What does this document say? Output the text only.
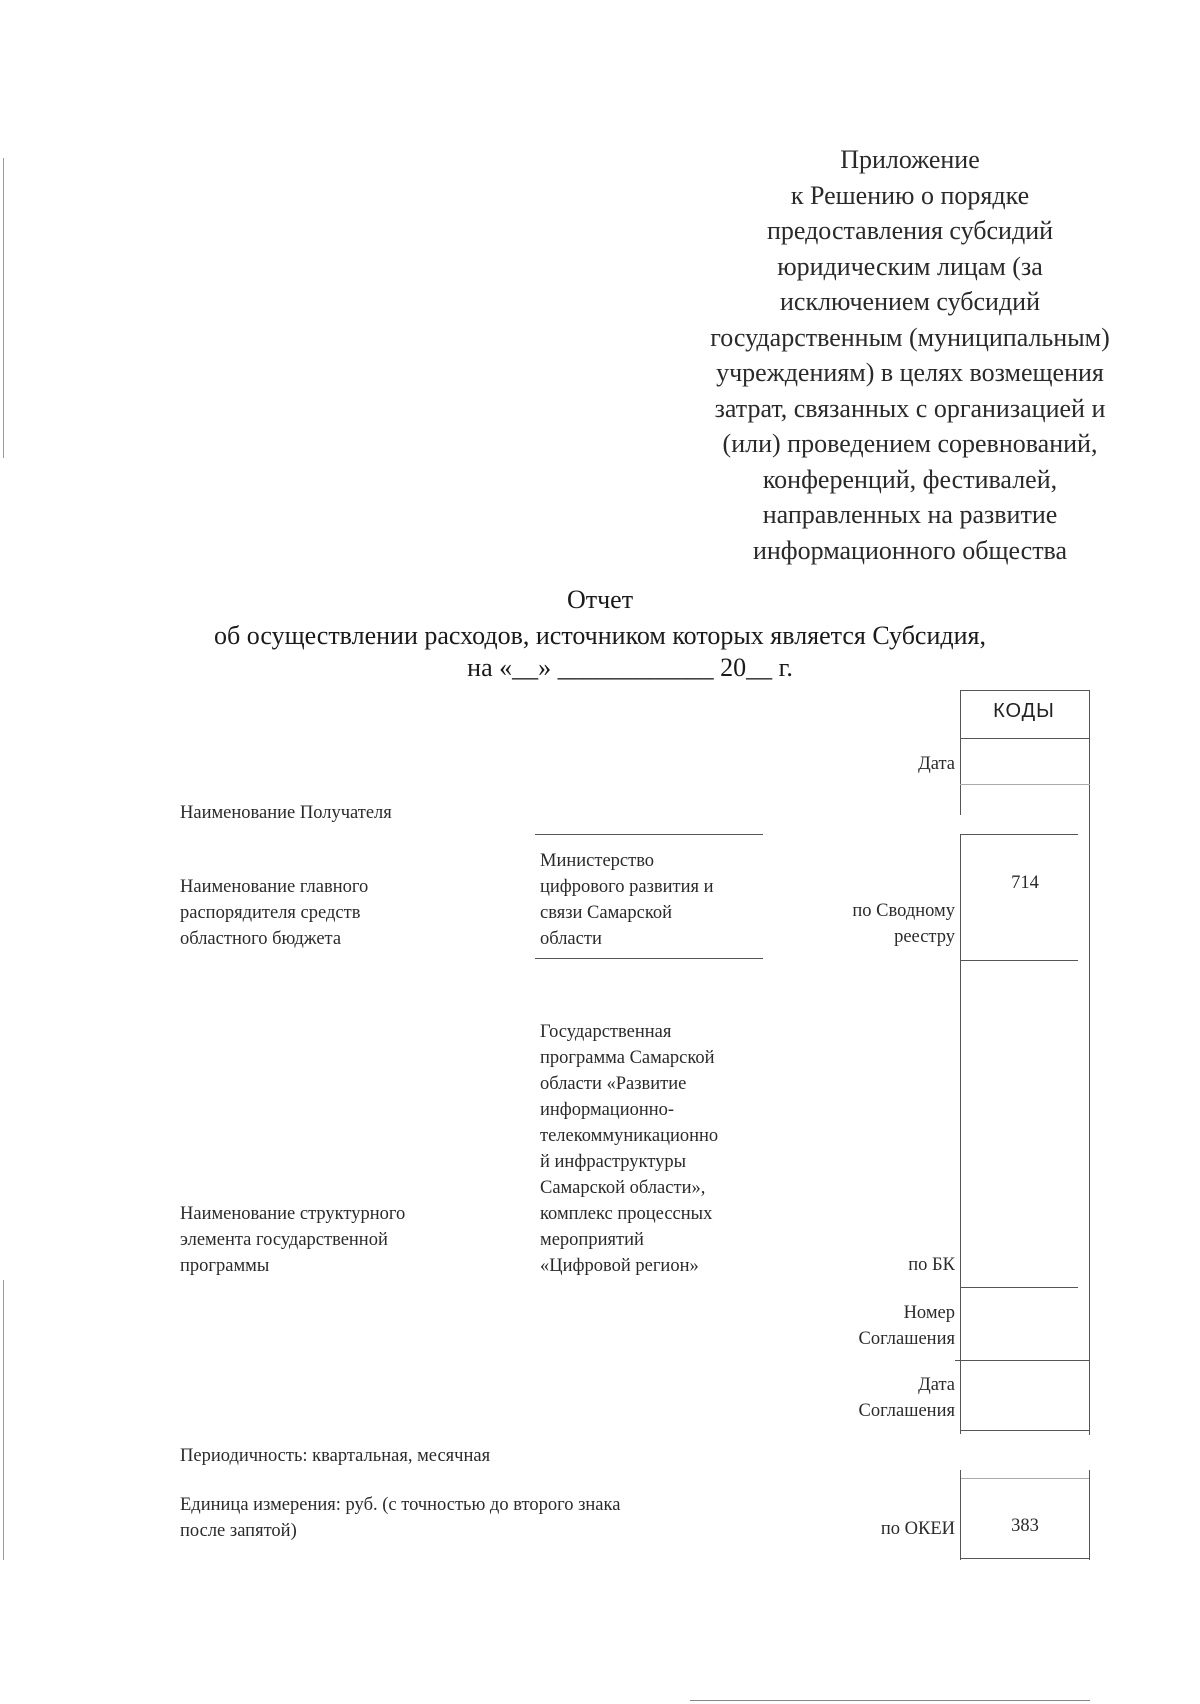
Приложение
к Решению о порядке
предоставления субсидий
юридическим лицам (за
исключением субсидий
государственным (муниципальным)
учреждениям) в целях возмещения
затрат, связанных с организацией и
(или) проведением соревнований,
конференций, фестивалей,
направленных на развитие
информационного общества
Отчет
об осуществлении расходов, источником которых является Субсидия,
на «__» ____________ 20__ г.
КОДЫ
Дата
по Сводному
реестру
714
по БК
Номер
Соглашения
Дата
Соглашения
по ОКЕИ	383
Наименование Получателя
Наименование главного
распорядителя средств
областного бюджета
Министерство
цифрового развития и
связи Самарской
области
Государственная
программа Самарской
области «Развитие
информационно-
телекоммуникационно
й инфраструктуры
Самарской области»,
комплекс процессных
мероприятий
«Цифровой регион»
Наименование структурного
элемента государственной
программы
Периодичность: квартальная, месячная
Единица измерения: руб. (с точностью до второго знака
после запятой)
